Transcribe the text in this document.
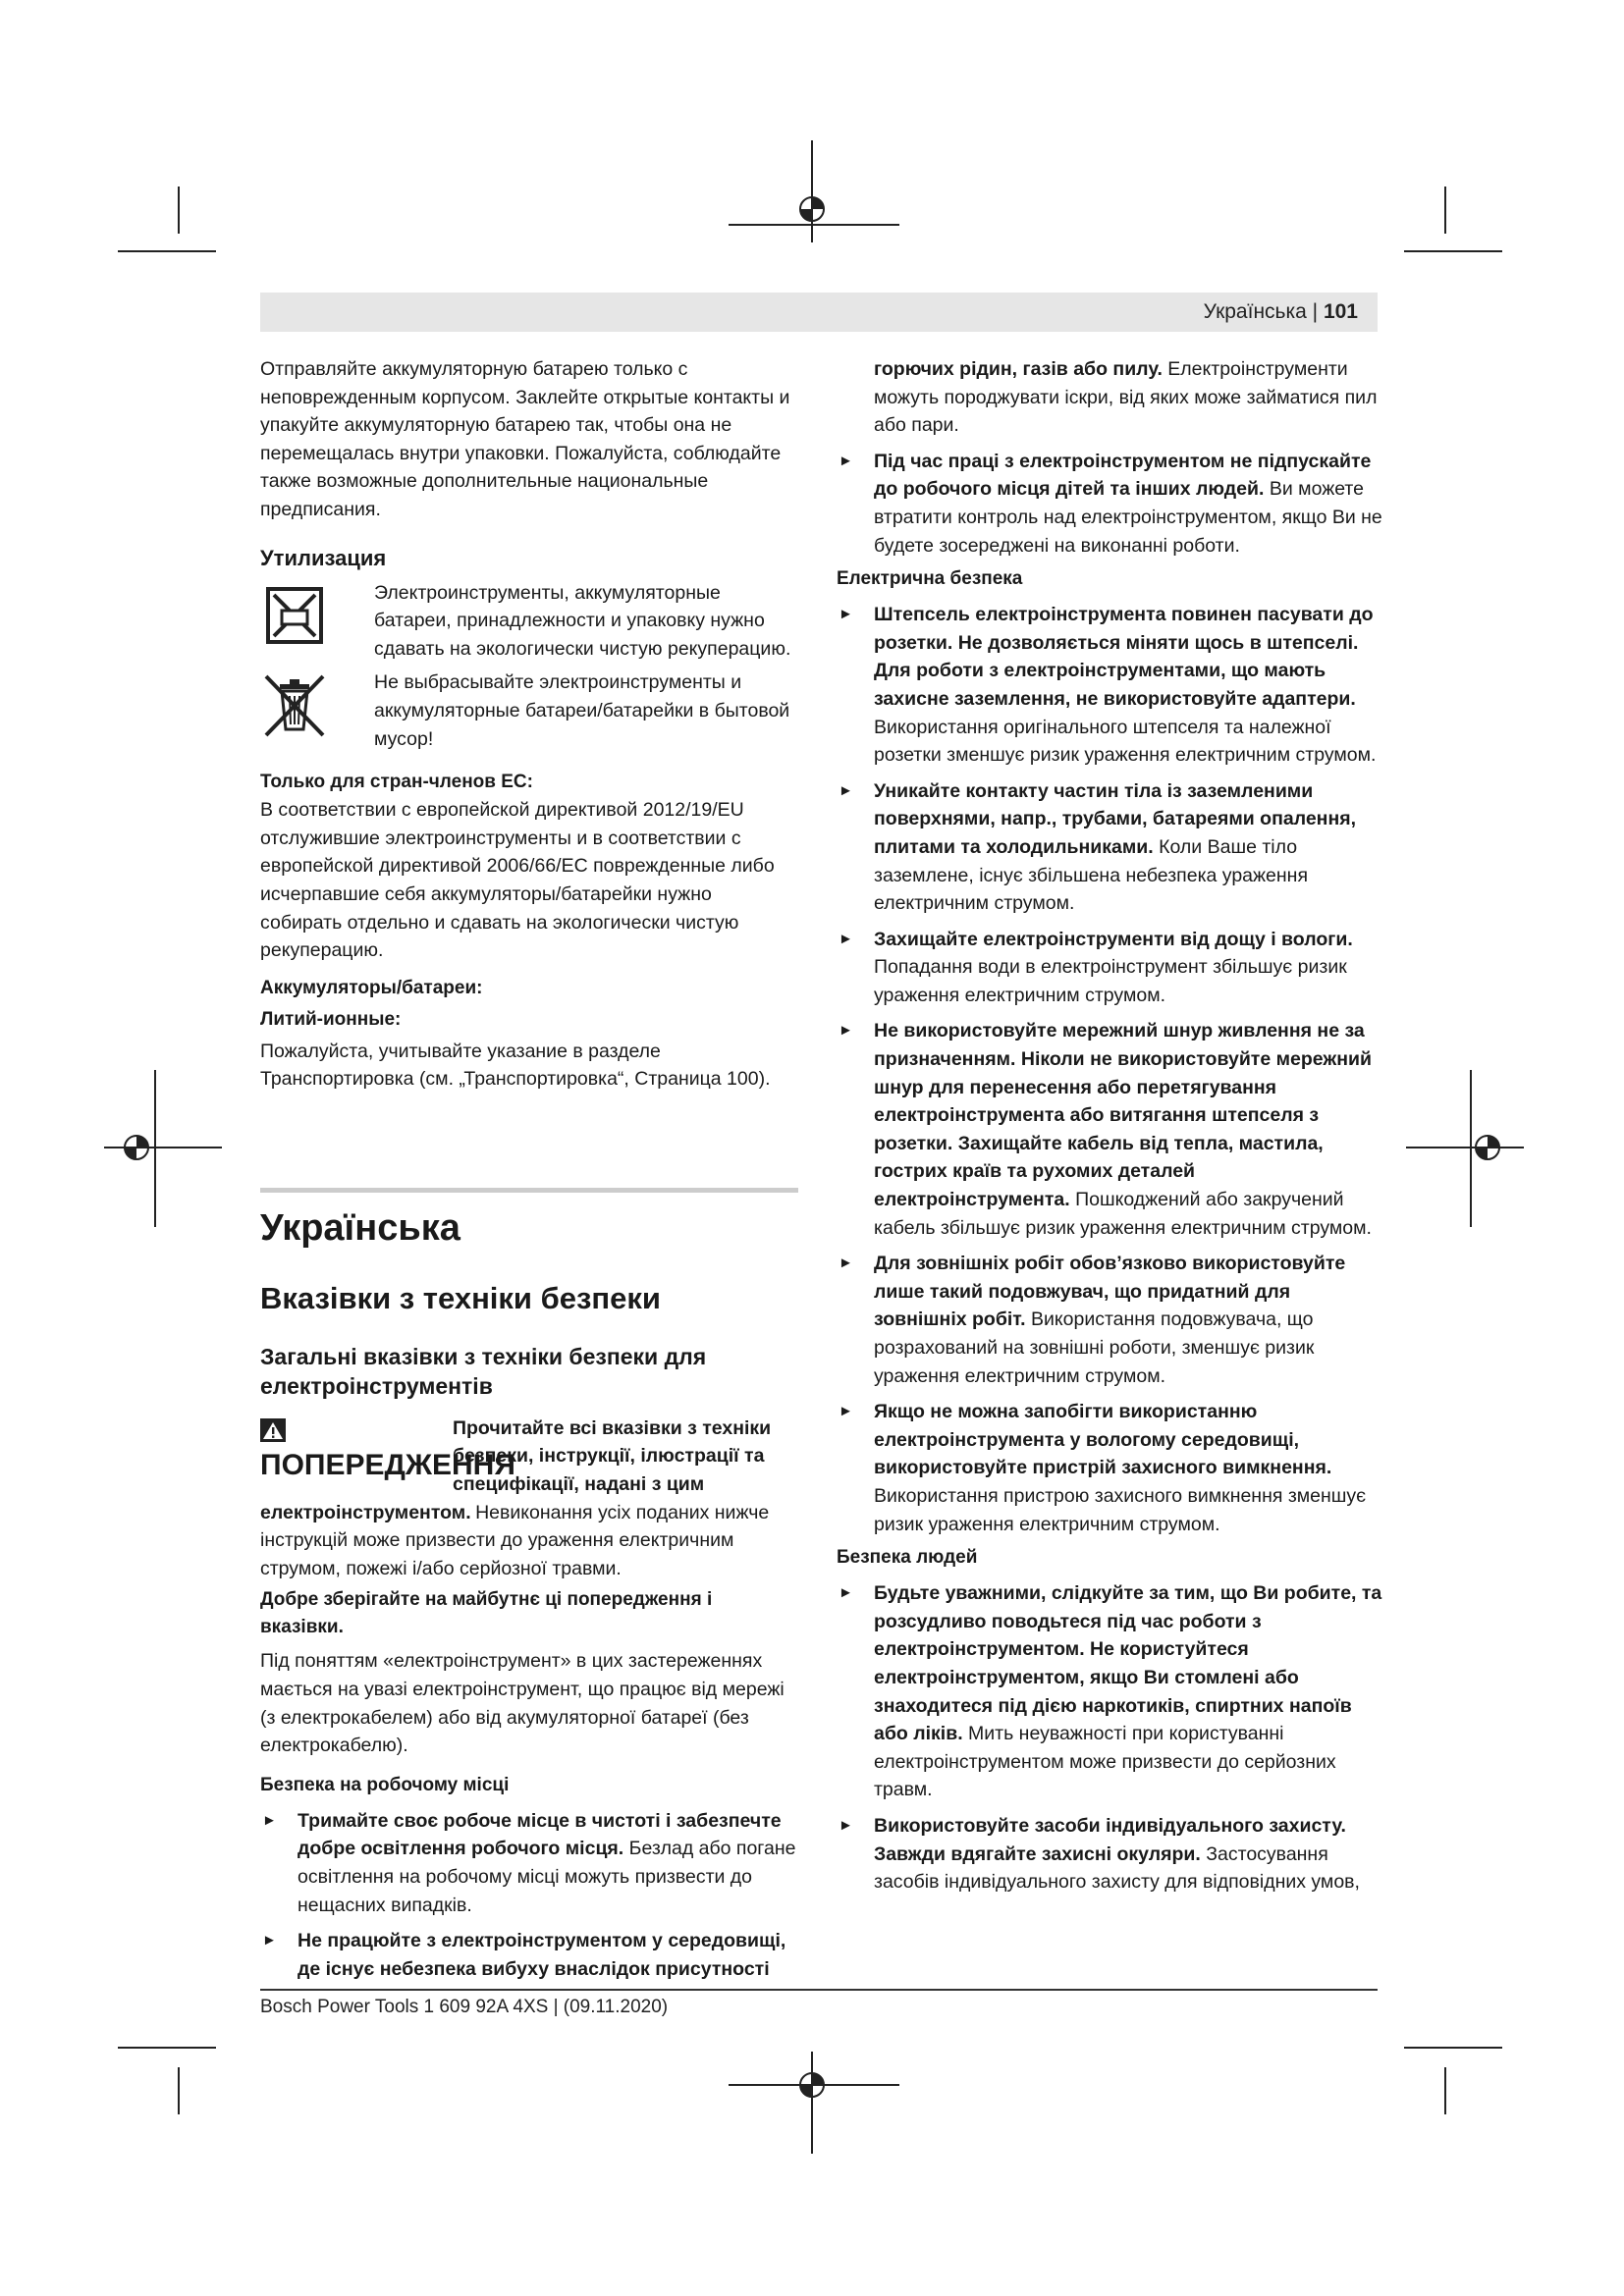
Українська | 101

Отправляйте аккумуляторную батарею только с неповрежденным корпусом. Заклейте открытые контакты и упакуйте аккумуляторную батарею так, чтобы она не перемещалась внутри упаковки. Пожалуйста, соблюдайте также возможные дополнительные национальные предписания.

Утилизация

Электроинструменты, аккумуляторные батареи, принадлежности и упаковку нужно сдавать на экологически чистую рекуперацию.

Не выбрасывайте электроинструменты и аккумуляторные батареи/батарейки в бытовой мусор!

Только для стран-членов ЕС:

В соответствии с европейской директивой 2012/19/EU отслужившие электроинструменты и в соответствии с европейской директивой 2006/66/EC поврежденные либо исчерпавшие себя аккумуляторы/батарейки нужно собирать отдельно и сдавать на экологически чистую рекуперацию.

Аккумуляторы/батареи:
Литий-ионные:

Пожалуйста, учитывайте указание в разделе Транспортировка (см. „Транспортировка“, Страница 100).

Українська
Вказівки з техніки безпеки
Загальні вказівки з техніки безпеки для електроінструментів
ПОПЕРЕДЖЕННЯ
Прочитайте всі вказівки з техніки безпеки, інструкції, ілюстрації та специфікації, надані з цим електроінструментом. Невиконання усіх поданих нижче інструкцій може призвести до ураження електричним струмом, пожежі і/або серйозної травми.
Добре зберігайте на майбутнє ці попередження і вказівки.

Під поняттям «електроінструмент» в цих застереженнях мається на увазі електроінструмент, що працює від мережі (з електрокабелем) або від акумуляторної батареї (без електрокабелю).

Безпека на робочому місці
► Тримайте своє робоче місце в чистоті і забезпечте добре освітлення робочого місця. Безлад або погане освітлення на робочому місці можуть призвести до нещасних випадків.
► Не працюйте з електроінструментом у середовищі, де існує небезпека вибуху внаслідок присутності
горючих рідин, газів або пилу. Електроінструменти можуть породжувати іскри, від яких може займатися пил або пари.
► Під час праці з електроінструментом не підпускайте до робочого місця дітей та інших людей. Ви можете втратити контроль над електроінструментом, якщо Ви не будете зосереджені на виконанні роботи.
Електрична безпека
► Штепсель електроінструмента повинен пасувати до розетки. Не дозволяється міняти щось в штепселі. Для роботи з електроінструментами, що мають захисне заземлення, не використовуйте адаптери. Використання оригінального штепселя та належної розетки зменшує ризик ураження електричним струмом.
► Уникайте контакту частин тіла із заземленими поверхнями, напр., трубами, батареями опалення, плитами та холодильниками. Коли Ваше тіло заземлене, існує збільшена небезпека ураження електричним струмом.
► Захищайте електроінструменти від дощу і вологи. Попадання води в електроінструмент збільшує ризик ураження електричним струмом.
► Не використовуйте мережний шнур живлення не за призначенням. Ніколи не використовуйте мережний шнур для перенесення або перетягування електроінструмента або витягання штепселя з розетки. Захищайте кабель від тепла, мастила, гострих країв та рухомих деталей електроінструмента. Пошкоджений або закручений кабель збільшує ризик ураження електричним струмом.
► Для зовнішніх робіт обов’язково використовуйте лише такий подовжувач, що придатний для зовнішніх робіт. Використання подовжувача, що розрахований на зовнішні роботи, зменшує ризик ураження електричним струмом.
► Якщо не можна запобігти використанню електроінструмента у вологому середовищі, використовуйте пристрій захисного вимкнення. Використання пристрою захисного вимкнення зменшує ризик ураження електричним струмом.
Безпека людей
► Будьте уважними, слідкуйте за тим, що Ви робите, та розсудливо поводьтеся під час роботи з електроінструментом. Не користуйтеся електроінструментом, якщо Ви стомлені або знаходитеся під дією наркотиків, спиртних напоїв або ліків. Мить неуважності при користуванні електроінструментом може призвести до серйозних травм.
► Використовуйте засоби індивідуального захисту. Завжди вдягайте захисні окуляри. Застосування засобів індивідуального захисту для відповідних умов,
Bosch Power Tools 1 609 92A 4XS | (09.11.2020)
